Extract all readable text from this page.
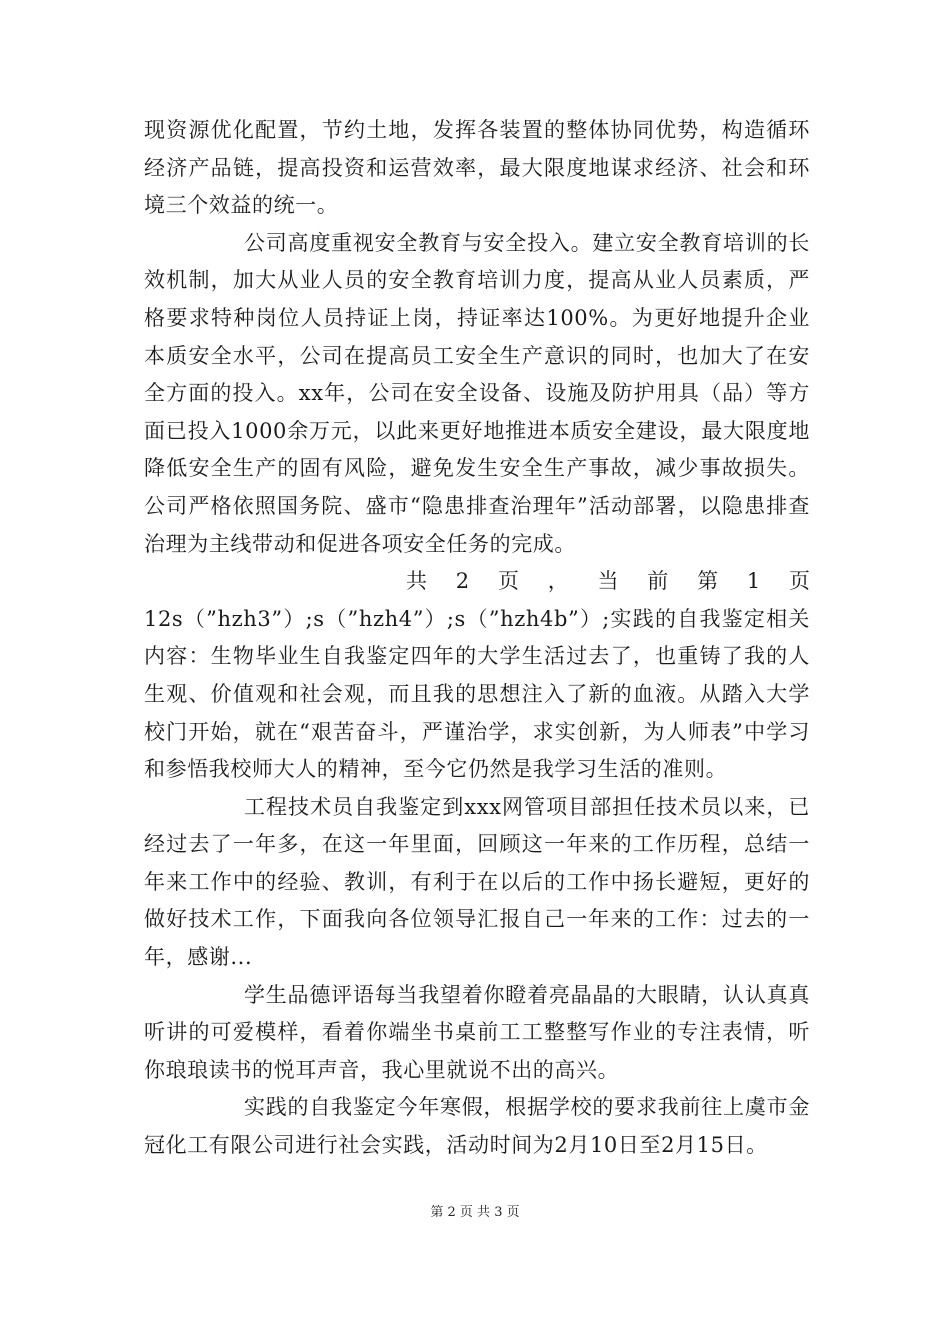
现资源优化配置，节约土地，发挥各装置的整体协同优势，构造循环经济产品链，提高投资和运营效率，最大限度地谋求经济、社会和环境三个效益的统一。

公司高度重视安全教育与安全投入。建立安全教育培训的长效机制，加大从业人员的安全教育培训力度，提高从业人员素质，严格要求特种岗位人员持证上岗，持证率达100%。为更好地提升企业本质安全水平，公司在提高员工安全生产意识的同时，也加大了在安全方面的投入。xx年，公司在安全设备、设施及防护用具（品）等方面已投入1000余万元，以此来更好地推进本质安全建设，最大限度地降低安全生产的固有风险，避免发生安全生产事故，减少事故损失。公司严格依照国务院、盛市“隐患排查治理年”活动部署，以隐患排查治理为主线带动和促进各项安全任务的完成。

共 2 页 ， 当 前 第 1 页

12s（”hzh3”）;s（”hzh4”）;s（”hzh4b”）;实践的自我鉴定相关内容：生物毕业生自我鉴定四年的大学生活过去了，也重铸了我的人生观、价值观和社会观，而且我的思想注入了新的血液。从踏入大学校门开始，就在“艰苦奋斗，严谨治学，求实创新，为人师表”中学习和参悟我校师大人的精神，至今它仍然是我学习生活的准则。

工程技术员自我鉴定到xxx网管项目部担任技术员以来，已经过去了一年多，在这一年里面，回顾这一年来的工作历程，总结一年来工作中的经验、教训，有利于在以后的工作中扬长避短，更好的做好技术工作，下面我向各位领导汇报自己一年来的工作：过去的一年，感谢...

学生品德评语每当我望着你瞪着亮晶晶的大眼睛，认认真真听讲的可爱模样，看着你端坐书桌前工工整整写作业的专注表情，听你琅琅读书的悦耳声音，我心里就说不出的高兴。

实践的自我鉴定今年寒假，根据学校的要求我前往上虞市金冠化工有限公司进行社会实践，活动时间为2月10日至2月15日。

第 2 页 共 3 页
